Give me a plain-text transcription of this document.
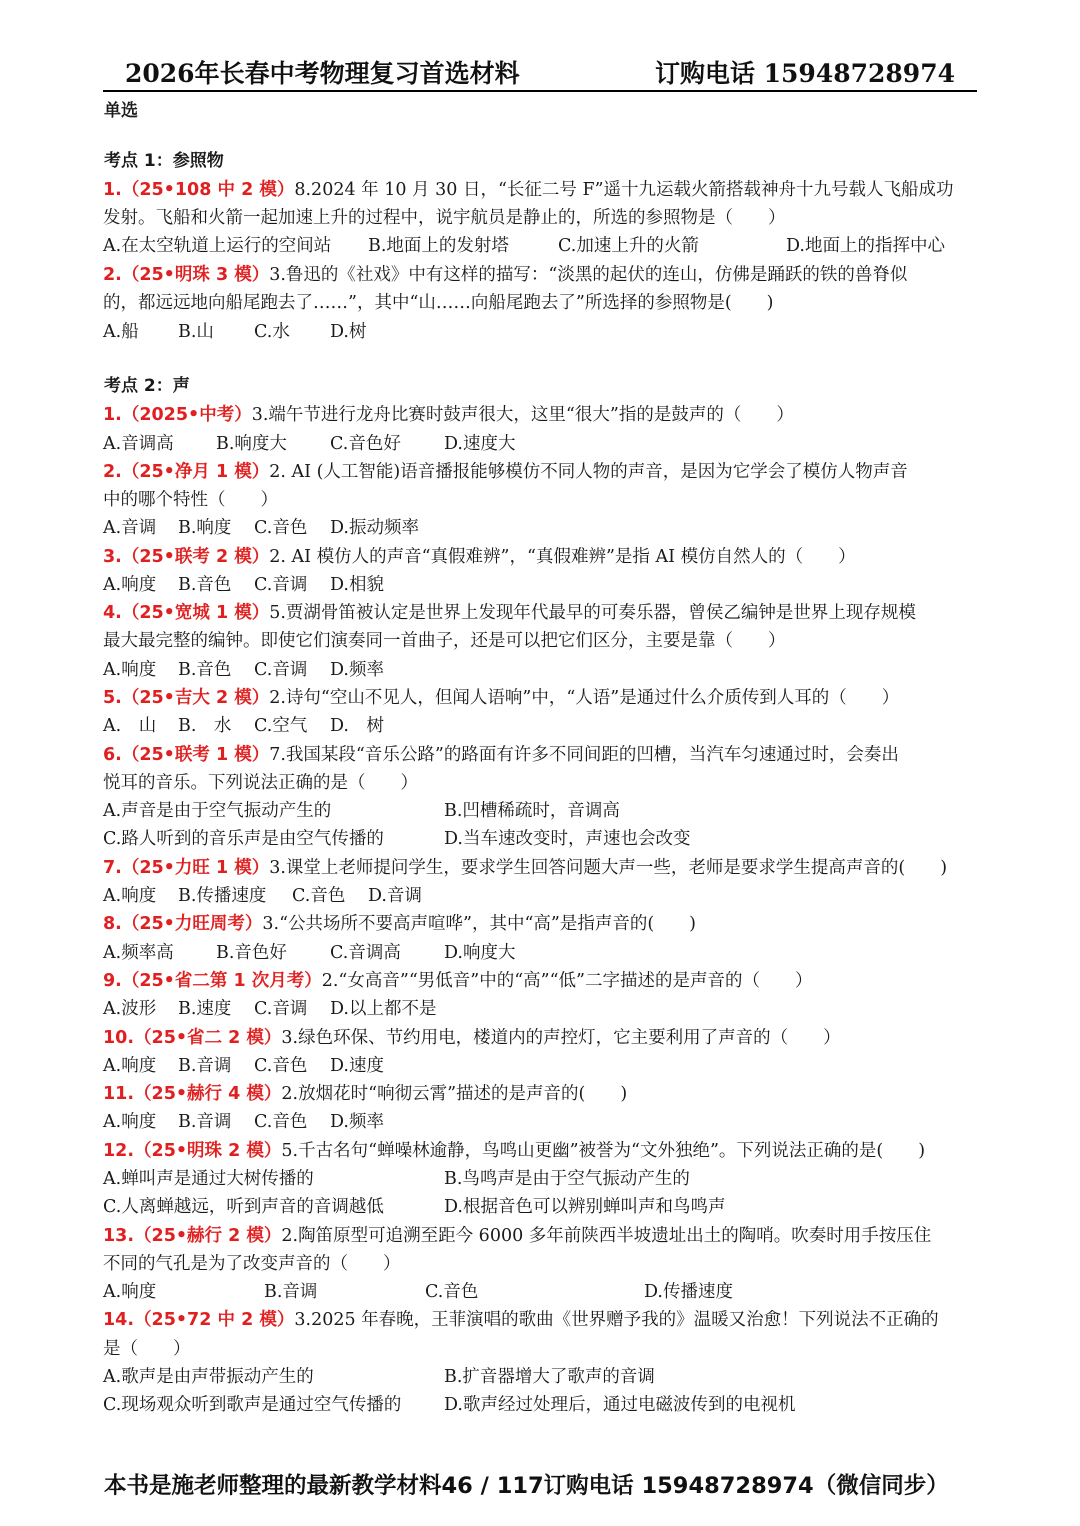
2026年长春中考物理复习首选材料	订购电话 15948728974
单选
考点 1：参照物
1.（25•108 中 2 模）8.2024 年 10 月 30 日，“长征二号 F”遥十九运载火箭搭载神舟十九号载人飞船成功
发射。飞船和火箭一起加速上升的过程中，说宇航员是静止的，所选的参照物是（　　）
A.在太空轨道上运行的空间站 B.地面上的发射塔	C.加速上升的火箭	D.地面上的指挥中心
2.（25•明珠 3 模）3.鲁迅的《社戏》中有这样的描写：“淡黑的起伏的连山，仿佛是踊跃的铁的兽脊似
的，都远远地向船尾跑去了……”，其中“山……向船尾跑去了”所选择的参照物是(　　)
A.船 B.山 C.水 D.树
考点 2：声
1.（2025•中考）3.端午节进行龙舟比赛时鼓声很大，这里“很大”指的是鼓声的（　　）
A.音调高 B.响度大 C.音色好 D.速度大
2.（25•净月 1 模）2. AI (人工智能)语音播报能够模仿不同人物的声音，是因为它学会了模仿人物声音
中的哪个特性（　　）
A.音调 B.响度 C.音色 D.振动频率
3.（25•联考 2 模）2. AI 模仿人的声音“真假难辨”，“真假难辨”是指 AI 模仿自然人的（　　）
A.响度 B.音色 C.音调 D.相貌
4.（25•宽城 1 模）5.贾湖骨笛被认定是世界上发现年代最早的可奏乐器，曾侯乙编钟是世界上现存规模
最大最完整的编钟。即使它们演奏同一首曲子，还是可以把它们区分，主要是靠（　　）
A.响度 B.音色 C.音调 D.频率
5.（25•吉大 2 模）2.诗句“空山不见人，但闻人语响”中，“人语”是通过什么介质传到人耳的（　　）
A.　山 B.　水 C.空气 D.　树
6.（25•联考 1 模）7.我国某段“音乐公路”的路面有许多不同间距的凹槽，当汽车匀速通过时，会奏出
悦耳的音乐。下列说法正确的是（　　）
A.声音是由于空气振动产生的	B.凹槽稀疏时，音调高
C.路人听到的音乐声是由空气传播的	D.当车速改变时，声速也会改变
7.（25•力旺 1 模）3.课堂上老师提问学生，要求学生回答问题大声一些，老师是要求学生提高声音的(　　)
A.响度 B.传播速度 C.音色 D.音调
8.（25•力旺周考）3.“公共场所不要高声喧哗”，其中“高”是指声音的(　　)
A.频率高 B.音色好 C.音调高 D.响度大
9.（25•省二第 1 次月考）2.“女高音”“男低音”中的“高”“低”二字描述的是声音的（　　）
A.波形 B.速度 C.音调 D.以上都不是
10.（25•省二 2 模）3.绿色环保、节约用电，楼道内的声控灯，它主要利用了声音的（　　）
A.响度 B.音调 C.音色 D.速度
11.（25•赫行 4 模）2.放烟花时“响彻云霄”描述的是声音的(　　)
A.响度 B.音调 C.音色 D.频率
12.（25•明珠 2 模）5.千古名句“蝉噪林逾静，鸟鸣山更幽”被誉为“文外独绝”。下列说法正确的是(　　)
A.蝉叫声是通过大树传播的	B.鸟鸣声是由于空气振动产生的
C.人离蝉越远，听到声音的音调越低	D.根据音色可以辨别蝉叫声和鸟鸣声
13.（25•赫行 2 模）2.陶笛原型可追溯至距今 6000 多年前陕西半坡遗址出土的陶哨。吹奏时用手按压住
不同的气孔是为了改变声音的（　　）
A.响度	B.音调	C.音色	D.传播速度
14.（25•72 中 2 模）3.2025 年春晚，王菲演唱的歌曲《世界赠予我的》温暖又治愈！下列说法不正确的
是（　　）
A.歌声是由声带振动产生的	B.扩音器增大了歌声的音调
C.现场观众听到歌声是通过空气传播的 D.歌声经过处理后，通过电磁波传到的电视机
本书是施老师整理的最新教学材料46 / 117订购电话 15948728974（微信同步）
